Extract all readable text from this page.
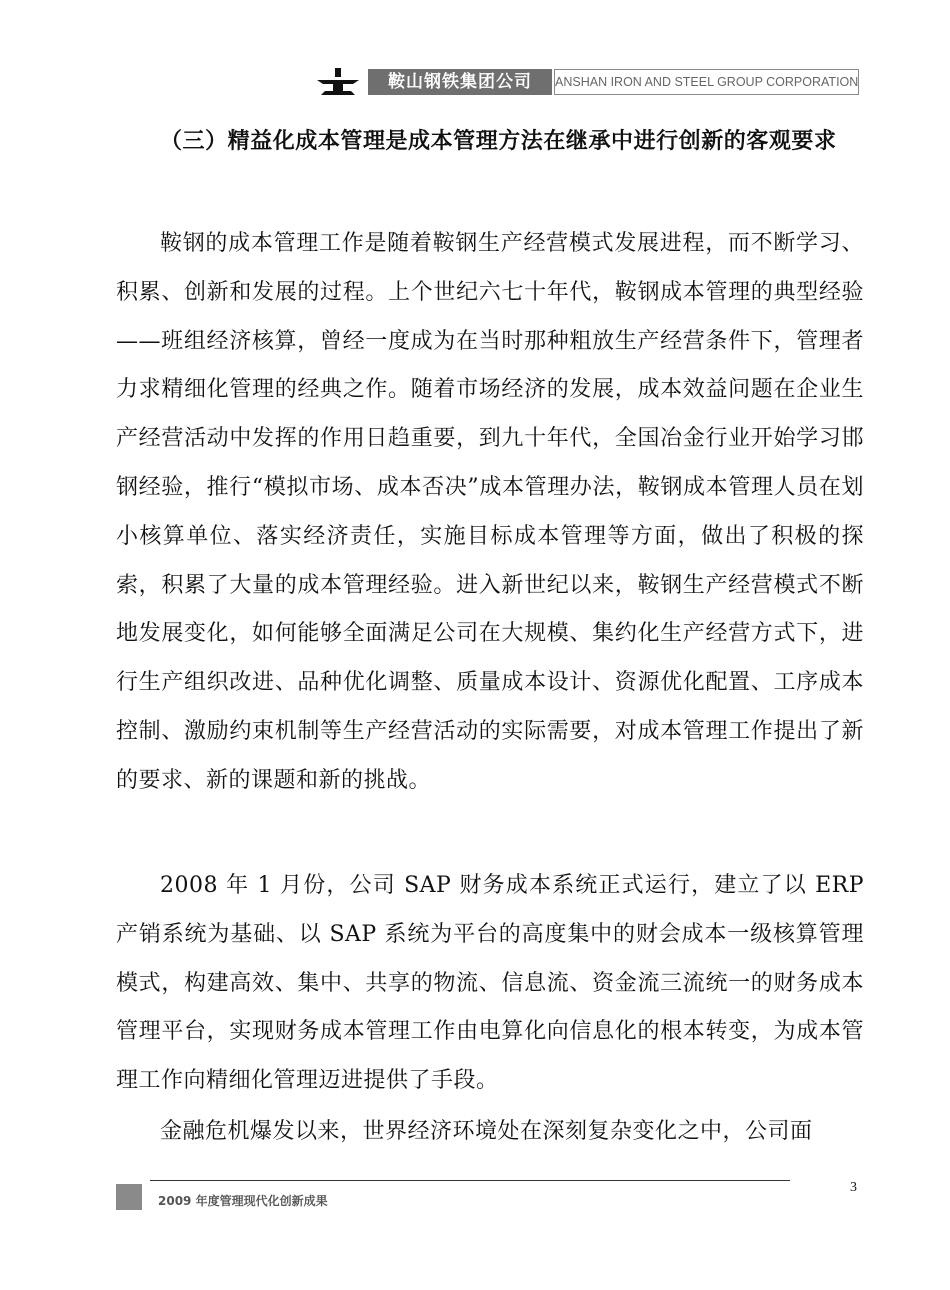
鞍山钢铁集团公司	ANSHAN IRON AND STEEL GROUP CORPORATION
（三）精益化成本管理是成本管理方法在继承中进行创新的客观要求

鞍钢的成本管理工作是随着鞍钢生产经营模式发展进程，而不断学习、积累、创新和发展的过程。上个世纪六七十年代，鞍钢成本管理的典型经验——班组经济核算，曾经一度成为在当时那种粗放生产经营条件下，管理者力求精细化管理的经典之作。随着市场经济的发展，成本效益问题在企业生产经营活动中发挥的作用日趋重要，到九十年代，全国冶金行业开始学习邯钢经验，推行“模拟市场、成本否决”成本管理办法，鞍钢成本管理人员在划小核算单位、落实经济责任，实施目标成本管理等方面，做出了积极的探索，积累了大量的成本管理经验。进入新世纪以来，鞍钢生产经营模式不断地发展变化，如何能够全面满足公司在大规模、集约化生产经营方式下，进行生产组织改进、品种优化调整、质量成本设计、资源优化配置、工序成本控制、激励约束机制等生产经营活动的实际需要，对成本管理工作提出了新的要求、新的课题和新的挑战。

2008 年 1 月份，公司 SAP 财务成本系统正式运行，建立了以 ERP 产销系统为基础、以 SAP 系统为平台的高度集中的财会成本一级核算管理模式，构建高效、集中、共享的物流、信息流、资金流三流统一的财务成本管理平台，实现财务成本管理工作由电算化向信息化的根本转变，为成本管理工作向精细化管理迈进提供了手段。

金融危机爆发以来，世界经济环境处在深刻复杂变化之中，公司面

3
2009 年度管理现代化创新成果
